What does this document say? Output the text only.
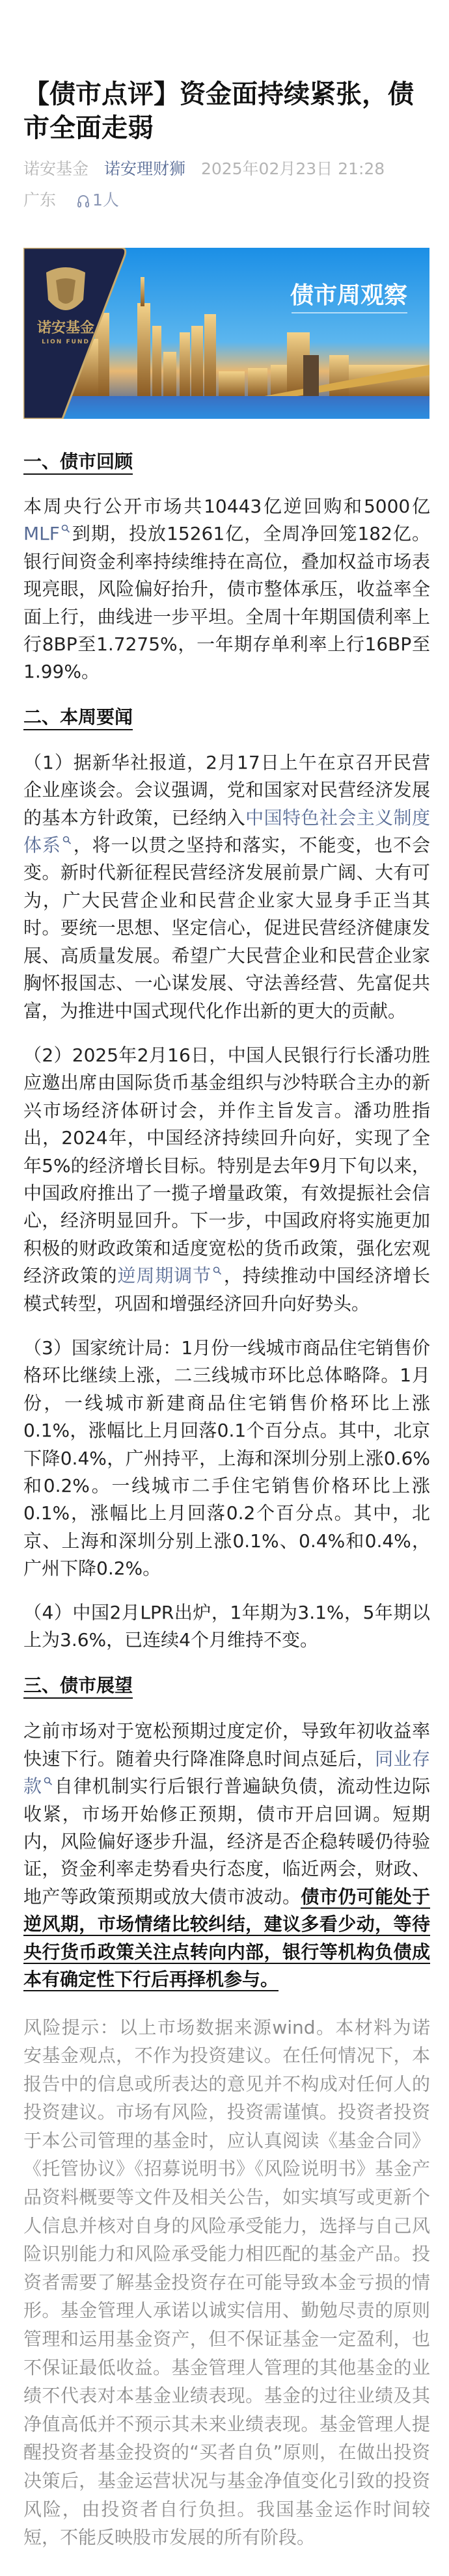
【债市点评】资金面持续紧张，债市全面走弱
诺安基金 诺安理财狮 2025年02月23日 21:28
广东 1人
诺安基金
LION FUND
债市周观察
一、债市回顾

本周央行公开市场共10443亿逆回购和5000亿MLF 到期，投放15261亿，全周净回笼182亿。银行间资金利率持续维持在高位，叠加权益市场表现亮眼，风险偏好抬升，债市整体承压，收益率全面上行，曲线进一步平坦。全周十年期国债利率上行8BP至1.7275%，一年期存单利率上行16BP至1.99%。

二、本周要闻

（1）据新华社报道，2月17日上午在京召开民营企业座谈会。会议强调，党和国家对民营经济发展的基本方针政策，已经纳入中国特色社会主义制度体系 ，将一以贯之坚持和落实，不能变，也不会变。新时代新征程民营经济发展前景广阔、大有可为，广大民营企业和民营企业家大显身手正当其时。要统一思想、坚定信心，促进民营经济健康发展、高质量发展。希望广大民营企业和民营企业家胸怀报国志、一心谋发展、守法善经营、先富促共富，为推进中国式现代化作出新的更大的贡献。

（2）2025年2月16日，中国人民银行行长潘功胜应邀出席由国际货币基金组织与沙特联合主办的新兴市场经济体研讨会，并作主旨发言。潘功胜指出，2024年，中国经济持续回升向好，实现了全年5%的经济增长目标。特别是去年9月下旬以来，中国政府推出了一揽子增量政策，有效提振社会信心，经济明显回升。下一步，中国政府将实施更加积极的财政政策和适度宽松的货币政策，强化宏观经济政策的逆周期调节 ，持续推动中国经济增长模式转型，巩固和增强经济回升向好势头。

（3）国家统计局：1月份一线城市商品住宅销售价格环比继续上涨，二三线城市环比总体略降。1月份，一线城市新建商品住宅销售价格环比上涨0.1%，涨幅比上月回落0.1个百分点。其中，北京下降0.4%，广州持平，上海和深圳分别上涨0.6%和0.2%。一线城市二手住宅销售价格环比上涨0.1%，涨幅比上月回落0.2个百分点。其中，北京、上海和深圳分别上涨0.1%、0.4%和0.4%，广州下降0.2%。

（4）中国2月LPR出炉，1年期为3.1%，5年期以上为3.6%，已连续4个月维持不变。

三、债市展望

之前市场对于宽松预期过度定价，导致年初收益率快速下行。随着央行降准降息时间点延后，同业存款 自律机制实行后银行普遍缺负债，流动性边际收紧，市场开始修正预期，债市开启回调。短期内，风险偏好逐步升温，经济是否企稳转暖仍待验证，资金利率走势看央行态度，临近两会，财政、地产等政策预期或放大债市波动。债市仍可能处于逆风期，市场情绪比较纠结，建议多看少动，等待央行货币政策关注点转向内部，银行等机构负债成本有确定性下行后再择机参与。

风险提示：以上市场数据来源wind。本材料为诺安基金观点，不作为投资建议。在任何情况下，本报告中的信息或所表达的意见并不构成对任何人的投资建议。市场有风险，投资需谨慎。投资者投资于本公司管理的基金时，应认真阅读《基金合同》《托管协议》《招募说明书》《风险说明书》基金产品资料概要等文件及相关公告，如实填写或更新个人信息并核对自身的风险承受能力，选择与自己风险识别能力和风险承受能力相匹配的基金产品。投资者需要了解基金投资存在可能导致本金亏损的情形。基金管理人承诺以诚实信用、勤勉尽责的原则管理和运用基金资产，但不保证基金一定盈利，也不保证最低收益。基金管理人管理的其他基金的业绩不代表对本基金业绩表现。基金的过往业绩及其净值高低并不预示其未来业绩表现。基金管理人提醒投资者基金投资的“买者自负”原则，在做出投资决策后，基金运营状况与基金净值变化引致的投资风险，由投资者自行负担。我国基金运作时间较短，不能反映股市发展的所有阶段。
